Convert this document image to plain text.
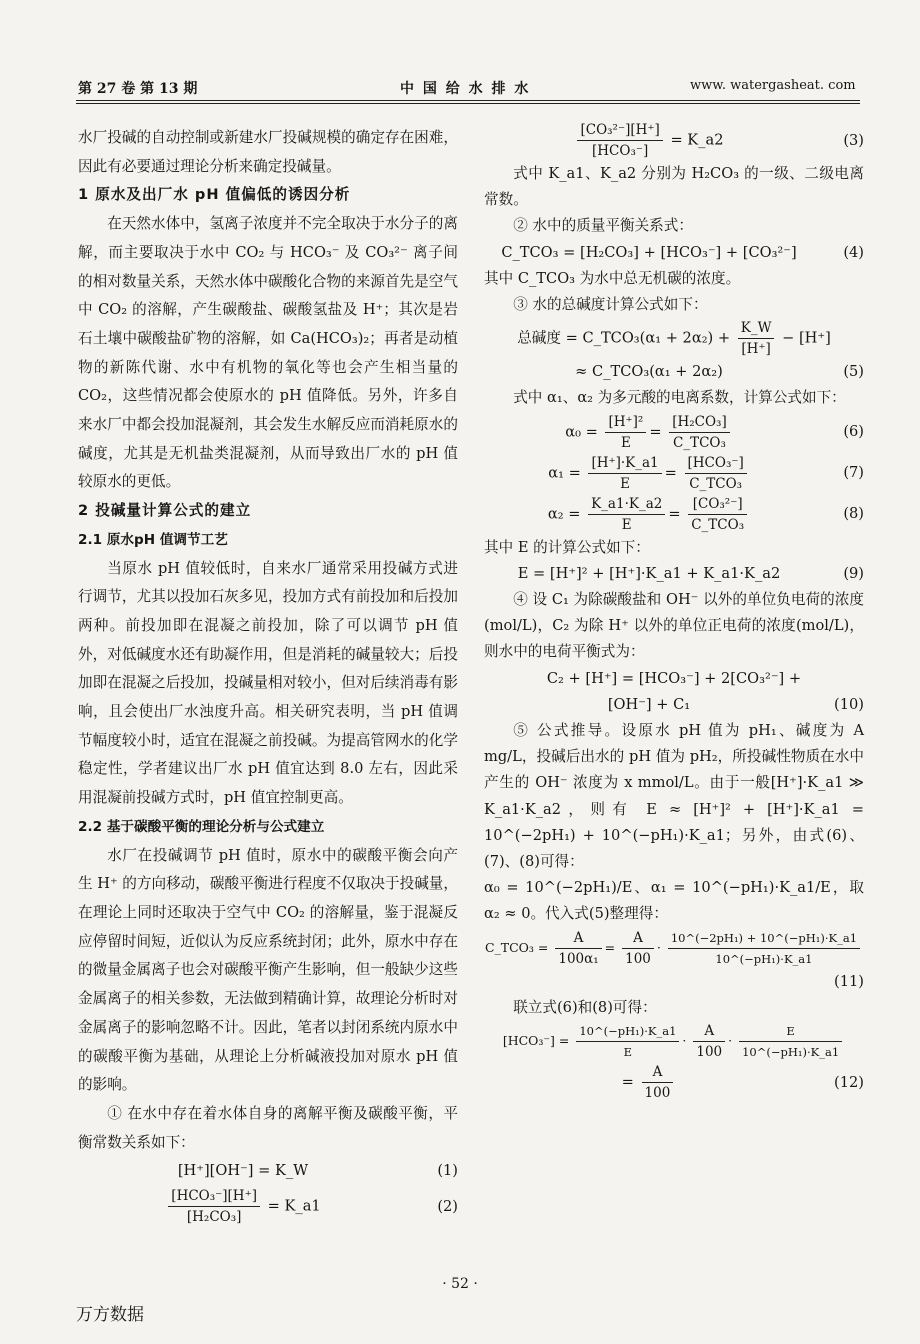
第 27 卷 第 13 期	中 国 给 水 排 水	www. watergasheat. com

水厂投碱的自动控制或新建水厂投碱规模的确定存在困难，因此有必要通过理论分析来确定投碱量。

1 原水及出厂水 pH 值偏低的诱因分析

在天然水体中，氢离子浓度并不完全取决于水分子的离解，而主要取决于水中 CO₂ 与 HCO₃⁻ 及 CO₃²⁻ 离子间的相对数量关系，天然水体中碳酸化合物的来源首先是空气中 CO₂ 的溶解，产生碳酸盐、碳酸氢盐及 H⁺；其次是岩石土壤中碳酸盐矿物的溶解，如 Ca(HCO₃)₂；再者是动植物的新陈代谢、水中有机物的氧化等也会产生相当量的 CO₂，这些情况都会使原水的 pH 值降低。另外，许多自来水厂中都会投加混凝剂，其会发生水解反应而消耗原水的碱度，尤其是无机盐类混凝剂，从而导致出厂水的 pH 值较原水的更低。

2 投碱量计算公式的建立

2.1 原水pH 值调节工艺

当原水 pH 值较低时，自来水厂通常采用投碱方式进行调节，尤其以投加石灰多见，投加方式有前投加和后投加两种。前投加即在混凝之前投加，除了可以调节 pH 值外，对低碱度水还有助凝作用，但是消耗的碱量较大；后投加即在混凝之后投加，投碱量相对较小，但对后续消毒有影响，且会使出厂水浊度升高。相关研究表明，当 pH 值调节幅度较小时，适宜在混凝之前投碱。为提高管网水的化学稳定性，学者建议出厂水 pH 值宜达到 8.0 左右，因此采用混凝前投碱方式时，pH 值宜控制更高。

2.2 基于碳酸平衡的理论分析与公式建立

水厂在投碱调节 pH 值时，原水中的碳酸平衡会向产生 H⁺ 的方向移动，碳酸平衡进行程度不仅取决于投碱量，在理论上同时还取决于空气中 CO₂ 的溶解量，鉴于混凝反应停留时间短，近似认为反应系统封闭；此外，原水中存在的微量金属离子也会对碳酸平衡产生影响，但一般缺少这些金属离子的相关参数，无法做到精确计算，故理论分析时对金属离子的影响忽略不计。因此，笔者以封闭系统内原水中的碳酸平衡为基础，从理论上分析碱液投加对原水 pH 值的影响。

① 在水中存在着水体自身的离解平衡及碳酸平衡，平衡常数关系如下：

[H⁺][OH⁻] = K_W	(1)
$\frac{\text{[HCO₃⁻][H⁺]}}{\text{[H₂CO₃]}}$ = K_a1	(2)
$\frac{\text{[CO₃²⁻][H⁺]}}{\text{[HCO₃⁻]}}$ = K_a2	(3)

式中 K_a1、K_a2 分别为 H₂CO₃ 的一级、二级电离常数。

② 水中的质量平衡关系式：

C_TCO₃ = [H₂CO₃] + [HCO₃⁻] + [CO₃²⁻]	(4)

其中 C_TCO₃ 为水中总无机碳的浓度。

③ 水的总碱度计算公式如下：

总碱度 = C_TCO₃(α₁ + $2\alpha_2) + \frac{K\_W}{[H^+]} - [H^+]$
≈ C_TCO₃(α₁ + 2α₂)	(5)

式中 α₁、α₂ 为多元酸的电离系数，计算公式如下：

$\alpha_0 = \frac{\text{[H⁺]²}}{E} = \frac{\text{[H₂CO₃]}}{\text{C\_TCO₃}}$	(6)
$\alpha_1 = \frac{[H^+]\cdot K\_a1}{E} = \frac{\text{[HCO₃⁻]}}{\text{C\_TCO₃}}$	(7)
$\alpha_2 = \frac{K\_a1\cdot K\_a2}{E} = \frac{\text{[CO₃²⁻]}}{\text{C\_TCO₃}}$	(8)

其中 E 的计算公式如下：

E = [H⁺]² + [H⁺]·K_a1 + K_a1·K_a2	(9)

④ 设 C₁ 为除碳酸盐和 OH⁻ 以外的单位负电荷的浓度(mol/L)，C₂ 为除 H⁺ 以外的单位正电荷的浓度(mol/L)，则水中的电荷平衡式为：

C₂ + [H⁺] = [HCO₃⁻] + 2[CO₃²⁻] +
[OH⁻] + C₁	(10)

⑤ 公式推导。设原水 pH 值为 pH₁、碱度为 A mg/L，投碱后出水的 pH 值为 pH₂，所投碱性物质在水中产生的 OH⁻ 浓度为 x mmol/L。由于一般[H⁺]·K_a1 ≫ K_a1·K_a2，则有 E ≈ [H⁺]² + [H⁺]·K_a1 = 10^(−2pH₁) + 10^(−pH₁)·K_a1；另外，由式(6)、(7)、(8)可得：

α₀ = 10^(−2pH₁)/E、α₁ = 10^(−pH₁)·K_a1/E，取 α₂ ≈ 0。代入式(5)整理得：

C_TCO₃ = $\frac{A}{\text{100α₁}} = \frac{A}{100} \cdot \frac{\text{10\textasciicircum{}(−2pH₁) + 10\textasciicircum{}(−pH₁)·K\_a1}}{\text{10\textasciicircum{}(−pH₁)·K\_a1}}$
(11)

联立式(6)和(8)可得：

$[HCO_3^-] = \frac{\text{10\textasciicircum{}(−pH₁)·K\_a1}}{E} \cdot \frac{A}{100} \cdot \frac{E}{\text{10\textasciicircum{}(−pH₁)·K\_a1}}$
= $\frac{A}{100}$	(12)
· 52 ·
万方数据
